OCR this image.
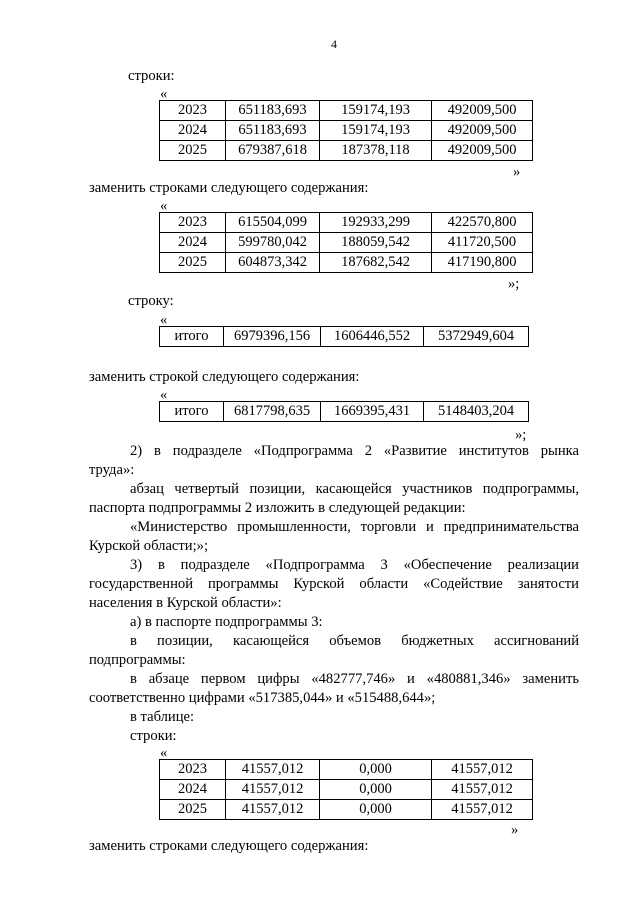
4
строки:
«
2023	651183,693	159174,193	492009,500
2024	651183,693	159174,193	492009,500
2025	679387,618	187378,118	492009,500
»
заменить строками следующего содержания:
«
2023	615504,099	192933,299	422570,800
2024	599780,042	188059,542	411720,500
2025	604873,342	187682,542	417190,800
»;
строку:
«
итого	6979396,156	1606446,552	5372949,604
заменить строкой следующего содержания:
«
итого	6817798,635	1669395,431	5148403,204
»;
2) в подразделе «Подпрограмма 2 «Развитие институтов рынка
труда»:
абзац четвертый позиции, касающейся участников подпрограммы,
паспорта подпрограммы 2 изложить в следующей редакции:
«Министерство промышленности, торговли и предпринимательства
Курской области;»;
3) в подразделе «Подпрограмма 3 «Обеспечение реализации
государственной программы Курской области «Содействие занятости
населения в Курской области»:
а) в паспорте подпрограммы 3:
в позиции, касающейся объемов бюджетных ассигнований
подпрограммы:
в абзаце первом цифры «482777,746» и «480881,346» заменить
соответственно цифрами «517385,044» и «515488,644»;
в таблице:
строки:
«
2023	41557,012	0,000	41557,012
2024	41557,012	0,000	41557,012
2025	41557,012	0,000	41557,012
»
заменить строками следующего содержания:
